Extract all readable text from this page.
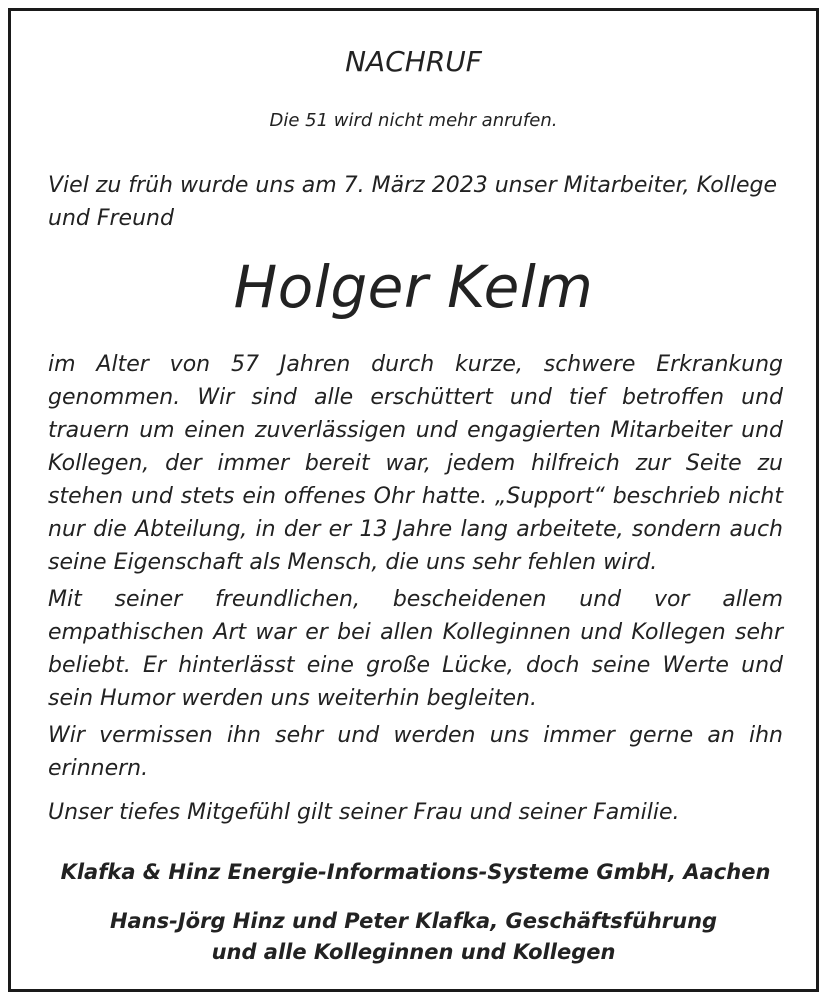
NACHRUF
Die 51 wird nicht mehr anrufen.
Viel zu früh wurde uns am 7. März 2023 unser Mitarbeiter, Kollege und Freund
Holger Kelm
im Alter von 57 Jahren durch kurze, schwere Erkrankung genommen. Wir sind alle erschüttert und tief betroffen und trauern um einen zuverlässigen und engagierten Mitarbeiter und Kollegen, der immer bereit war, jedem hilfreich zur Seite zu stehen und stets ein offenes Ohr hatte. „Support“ beschrieb nicht nur die Abteilung, in der er 13 Jahre lang arbeitete, sondern auch seine Eigenschaft als Mensch, die uns sehr fehlen wird.
Mit seiner freundlichen, bescheidenen und vor allem empathischen Art war er bei allen Kolleginnen und Kollegen sehr beliebt. Er hinterlässt eine große Lücke, doch seine Werte und sein Humor werden uns weiterhin begleiten.
Wir vermissen ihn sehr und werden uns immer gerne an ihn erinnern.
Unser tiefes Mitgefühl gilt seiner Frau und seiner Familie.
Klafka & Hinz Energie-Informations-Systeme GmbH, Aachen
Hans-Jörg Hinz und Peter Klafka, Geschäftsführung
und alle Kolleginnen und Kollegen
